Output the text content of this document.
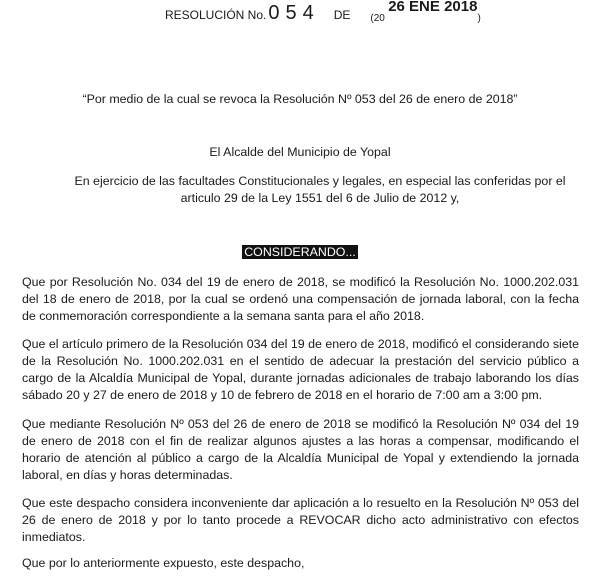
RESOLUCIÓN No. 054 DE (20 26 ENE 2018)
“Por medio de la cual se revoca la Resolución Nº 053 del 26 de enero de 2018”
El Alcalde del Municipio de Yopal
En ejercicio de las facultades Constitucionales y legales, en especial las conferidas por el articulo 29 de la Ley 1551 del 6 de Julio de 2012 y,
CONSIDERANDO...
Que por Resolución No. 034 del 19 de enero de 2018, se modificó la Resolución No. 1000.202.031 del 18 de enero de 2018, por la cual se ordenó una compensación de jornada laboral, con la fecha de conmemoración correspondiente a la semana santa para el año 2018.
Que el artículo primero de la Resolución 034 del 19 de enero de 2018, modificó el considerando siete de la Resolución No. 1000.202.031 en el sentido de adecuar la prestación del servicio público a cargo de la Alcaldía Municipal de Yopal, durante jornadas adicionales de trabajo laborando los días sábado 20 y 27 de enero de 2018 y 10 de febrero de 2018 en el horario de 7:00 am a 3:00 pm.
Que mediante Resolución Nº 053 del 26 de enero de 2018 se modificó la Resolución Nº 034 del 19 de enero de 2018 con el fin de realizar algunos ajustes a las horas a compensar, modificando el horario de atención al público a cargo de la Alcaldía Municipal de Yopal y extendiendo la jornada laboral, en días y horas determinadas.
Que este despacho considera inconveniente dar aplicación a lo resuelto en la Resolución Nº 053 del 26 de enero de 2018 y por lo tanto procede a REVOCAR dicho acto administrativo con efectos inmediatos.
Que por lo anteriormente expuesto, este despacho,
